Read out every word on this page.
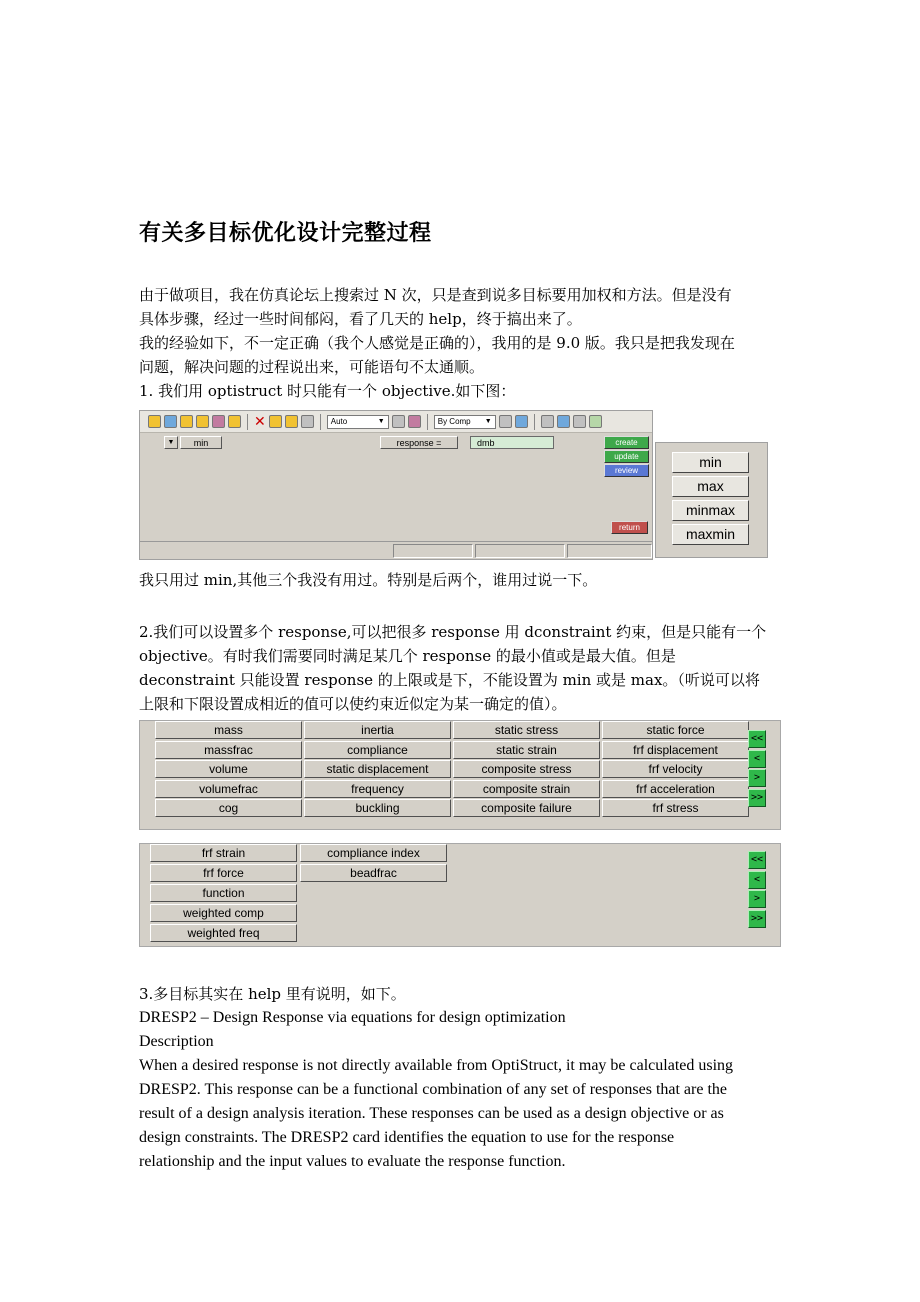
有关多目标优化设计完整过程

由于做项目，我在仿真论坛上搜索过 N 次，只是查到说多目标要用加权和方法。但是没有

具体步骤，经过一些时间郁闷，看了几天的 help，终于搞出来了。

我的经验如下，不一定正确（我个人感觉是正确的），我用的是 9.0 版。我只是把我发现在

问题，解决问题的过程说出来，可能语句不太通顺。

1. 我们用 optistruct 时只能有一个 objective.如下图：

✕	Auto	▼	By Comp ▼
▼	min	response =	dmb	create
update
review
return
min
max
minmax
maxmin

我只用过 min,其他三个我没有用过。特别是后两个，谁用过说一下。

2.我们可以设置多个 response,可以把很多 response 用 dconstraint 约束，但是只能有一个

objective。有时我们需要同时满足某几个 response 的最小值或是最大值。但是

deconstraint 只能设置 response 的上限或是下，不能设置为 min 或是 max。（听说可以将

上限和下限设置成相近的值可以使约束近似定为某一确定的值）。

mass	inertia	static stress	static force
massfrac	compliance	static strain	frf displacement
volume	static displacement	composite stress	frf velocity
volumefrac	frequency	composite strain	frf acceleration
cog	buckling	composite failure	frf stress
<<
<
>
>>
frf strain	compliance index
frf force	beadfrac
function
weighted comp
weighted freq
<<
<
>
>>

3.多目标其实在 help 里有说明，如下。

DRESP2 – Design Response via equations for design optimization

Description

When a desired response is not directly available from OptiStruct, it may be calculated using

DRESP2. This response can be a functional combination of any set of responses that are the

result of a design analysis iteration. These responses can be used as a design objective or as

design constraints. The DRESP2 card identifies the equation to use for the response

relationship and the input values to evaluate the response function.
